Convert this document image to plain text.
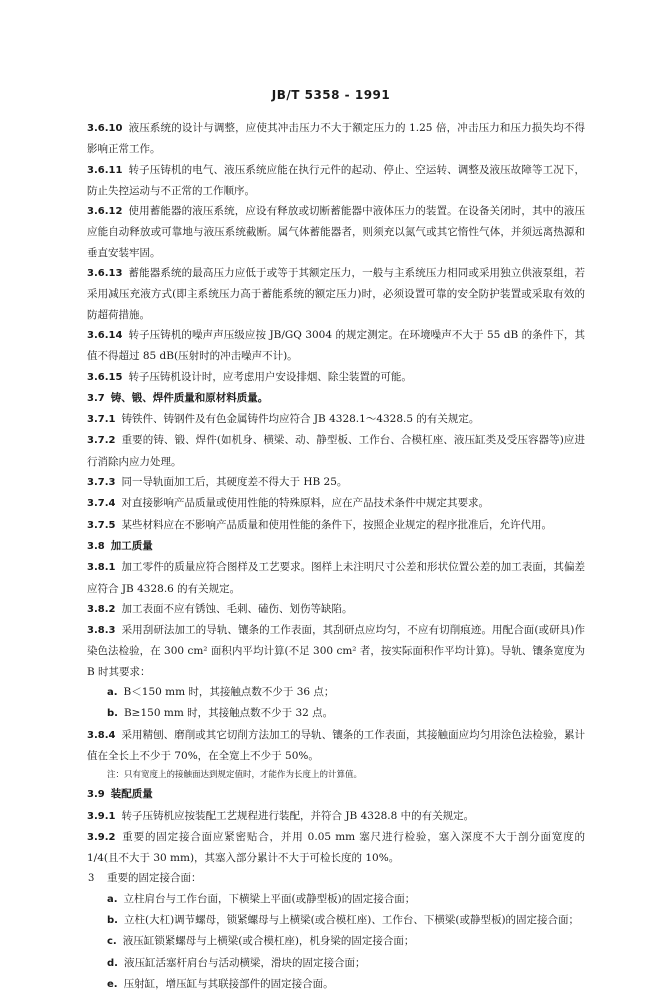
JB/T 5358 - 1991

3.6.10 液压系统的设计与调整，应使其冲击压力不大于额定压力的 1.25 倍，冲击压力和压力损失均不得影响正常工作。

3.6.11 转子压铸机的电气、液压系统应能在执行元件的起动、停止、空运转、调整及液压故障等工况下，防止失控运动与不正常的工作顺序。

3.6.12 使用蓄能器的液压系统，应设有释放或切断蓄能器中液体压力的装置。在设备关闭时，其中的液压应能自动释放或可靠地与液压系统截断。属气体蓄能器者，则须充以氮气或其它惰性气体，并须远离热源和垂直安装牢固。

3.6.13 蓄能器系统的最高压力应低于或等于其额定压力，一般与主系统压力相同或采用独立供液泵组，若采用减压充液方式(即主系统压力高于蓄能系统的额定压力)时，必须设置可靠的安全防护装置或采取有效的防超荷措施。

3.6.14 转子压铸机的噪声声压级应按 JB/GQ 3004 的规定测定。在环境噪声不大于 55 dB 的条件下，其值不得超过 85 dB(压射时的冲击噪声不计)。

3.6.15 转子压铸机设计时，应考虑用户安设排烟、除尘装置的可能。

3.7 铸、锻、焊件质量和原材料质量。

3.7.1 铸铁件、铸钢件及有色金属铸件均应符合 JB 4328.1～4328.5 的有关规定。

3.7.2 重要的铸、锻、焊件(如机身、横梁、动、静型板、工作台、合模杠座、液压缸类及受压容器等)应进行消除内应力处理。

3.7.3 同一导轨面加工后，其硬度差不得大于 HB 25。

3.7.4 对直接影响产品质量或使用性能的特殊原料，应在产品技术条件中规定其要求。

3.7.5 某些材料应在不影响产品质量和使用性能的条件下，按照企业规定的程序批准后，允许代用。

3.8 加工质量

3.8.1 加工零件的质量应符合图样及工艺要求。图样上未注明尺寸公差和形状位置公差的加工表面，其偏差应符合 JB 4328.6 的有关规定。

3.8.2 加工表面不应有锈蚀、毛刺、磕伤、划伤等缺陷。

3.8.3 采用刮研法加工的导轨、镶条的工作表面，其刮研点应均匀，不应有切削痕迹。用配合面(或研具)作染色法检验，在 300 cm² 面积内平均计算(不足 300 cm² 者，按实际面积作平均计算)。导轨、镶条宽度为 B 时其要求：

a. B＜150 mm 时，其接触点数不少于 36 点；

b. B≥150 mm 时，其接触点数不少于 32 点。

3.8.4 采用精刨、磨削或其它切削方法加工的导轨、镶条的工作表面，其接触面应均匀用涂色法检验，累计值在全长上不少于 70%，在全宽上不少于 50%。

注：只有宽度上的接触面达到规定值时，才能作为长度上的计算值。

3.9 装配质量

3.9.1 转子压铸机应按装配工艺规程进行装配，并符合 JB 4328.8 中的有关规定。

3.9.2 重要的固定接合面应紧密贴合，并用 0.05 mm 塞尺进行检验，塞入深度不大于剖分面宽度的 1/4(且不大于 30 mm)，其塞入部分累计不大于可检长度的 10%。

重要的固定接合面：

a. 立柱肩台与工作台面，下横梁上平面(或静型板)的固定接合面；

b. 立柱(大杠)调节螺母，锁紧螺母与上横梁(或合模杠座)、工作台、下横梁(或静型板)的固定接合面；

c. 液压缸锁紧螺母与上横梁(或合模杠座)，机身梁的固定接合面；

d. 液压缸活塞杆肩台与活动横梁，滑块的固定接合面；

e. 压射缸，增压缸与其联接部件的固定接合面。

3
